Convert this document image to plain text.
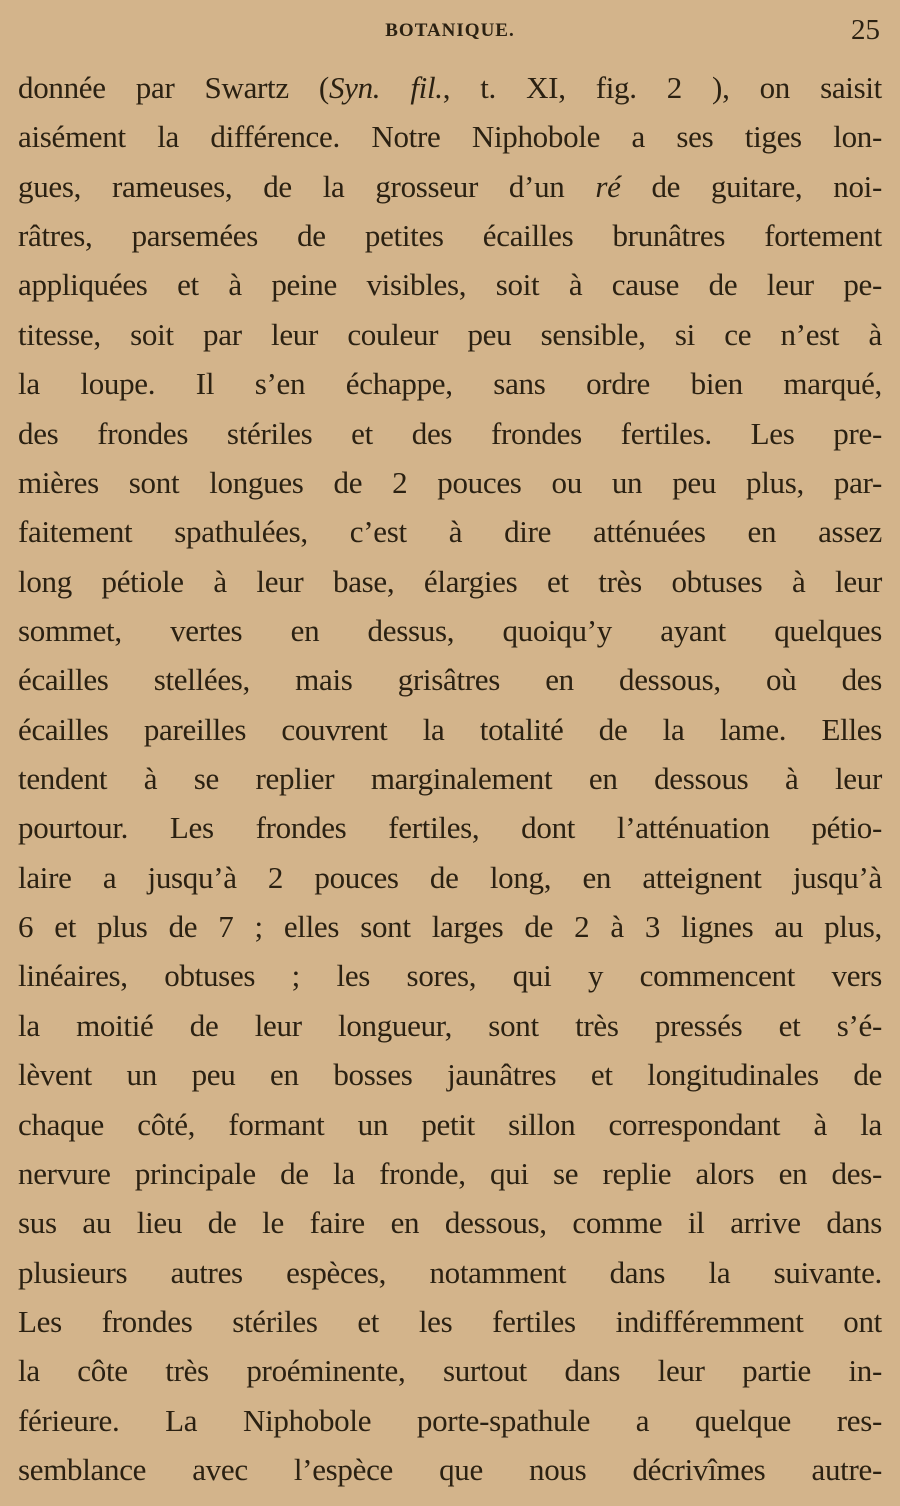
BOTANIQUE.	25
donnée par Swartz (Syn. fil., t. XI, fig. 2 ), on saisit
aisément la différence. Notre Niphobole a ses tiges lon-
gues, rameuses, de la grosseur d’un ré de guitare, noi-
râtres, parsemées de petites écailles brunâtres fortement
appliquées et à peine visibles, soit à cause de leur pe-
titesse, soit par leur couleur peu sensible, si ce n’est à
la loupe. Il s’en échappe, sans ordre bien marqué,
des frondes stériles et des frondes fertiles. Les pre-
mières sont longues de 2 pouces ou un peu plus, par-
faitement spathulées, c’est à dire atténuées en assez
long pétiole à leur base, élargies et très obtuses à leur
sommet, vertes en dessus, quoiqu’y ayant quelques
écailles stellées, mais grisâtres en dessous, où des
écailles pareilles couvrent la totalité de la lame. Elles
tendent à se replier marginalement en dessous à leur
pourtour. Les frondes fertiles, dont l’atténuation pétio-
laire a jusqu’à 2 pouces de long, en atteignent jusqu’à
6 et plus de 7 ; elles sont larges de 2 à 3 lignes au plus,
linéaires, obtuses ; les sores, qui y commencent vers
la moitié de leur longueur, sont très pressés et s’é-
lèvent un peu en bosses jaunâtres et longitudinales de
chaque côté, formant un petit sillon correspondant à la
nervure principale de la fronde, qui se replie alors en des-
sus au lieu de le faire en dessous, comme il arrive dans
plusieurs autres espèces, notamment dans la suivante.
Les frondes stériles et les fertiles indifféremment ont
la côte très proéminente, surtout dans leur partie in-
férieure. La Niphobole porte-spathule a quelque res-
semblance avec l’espèce que nous décrivîmes autre-
